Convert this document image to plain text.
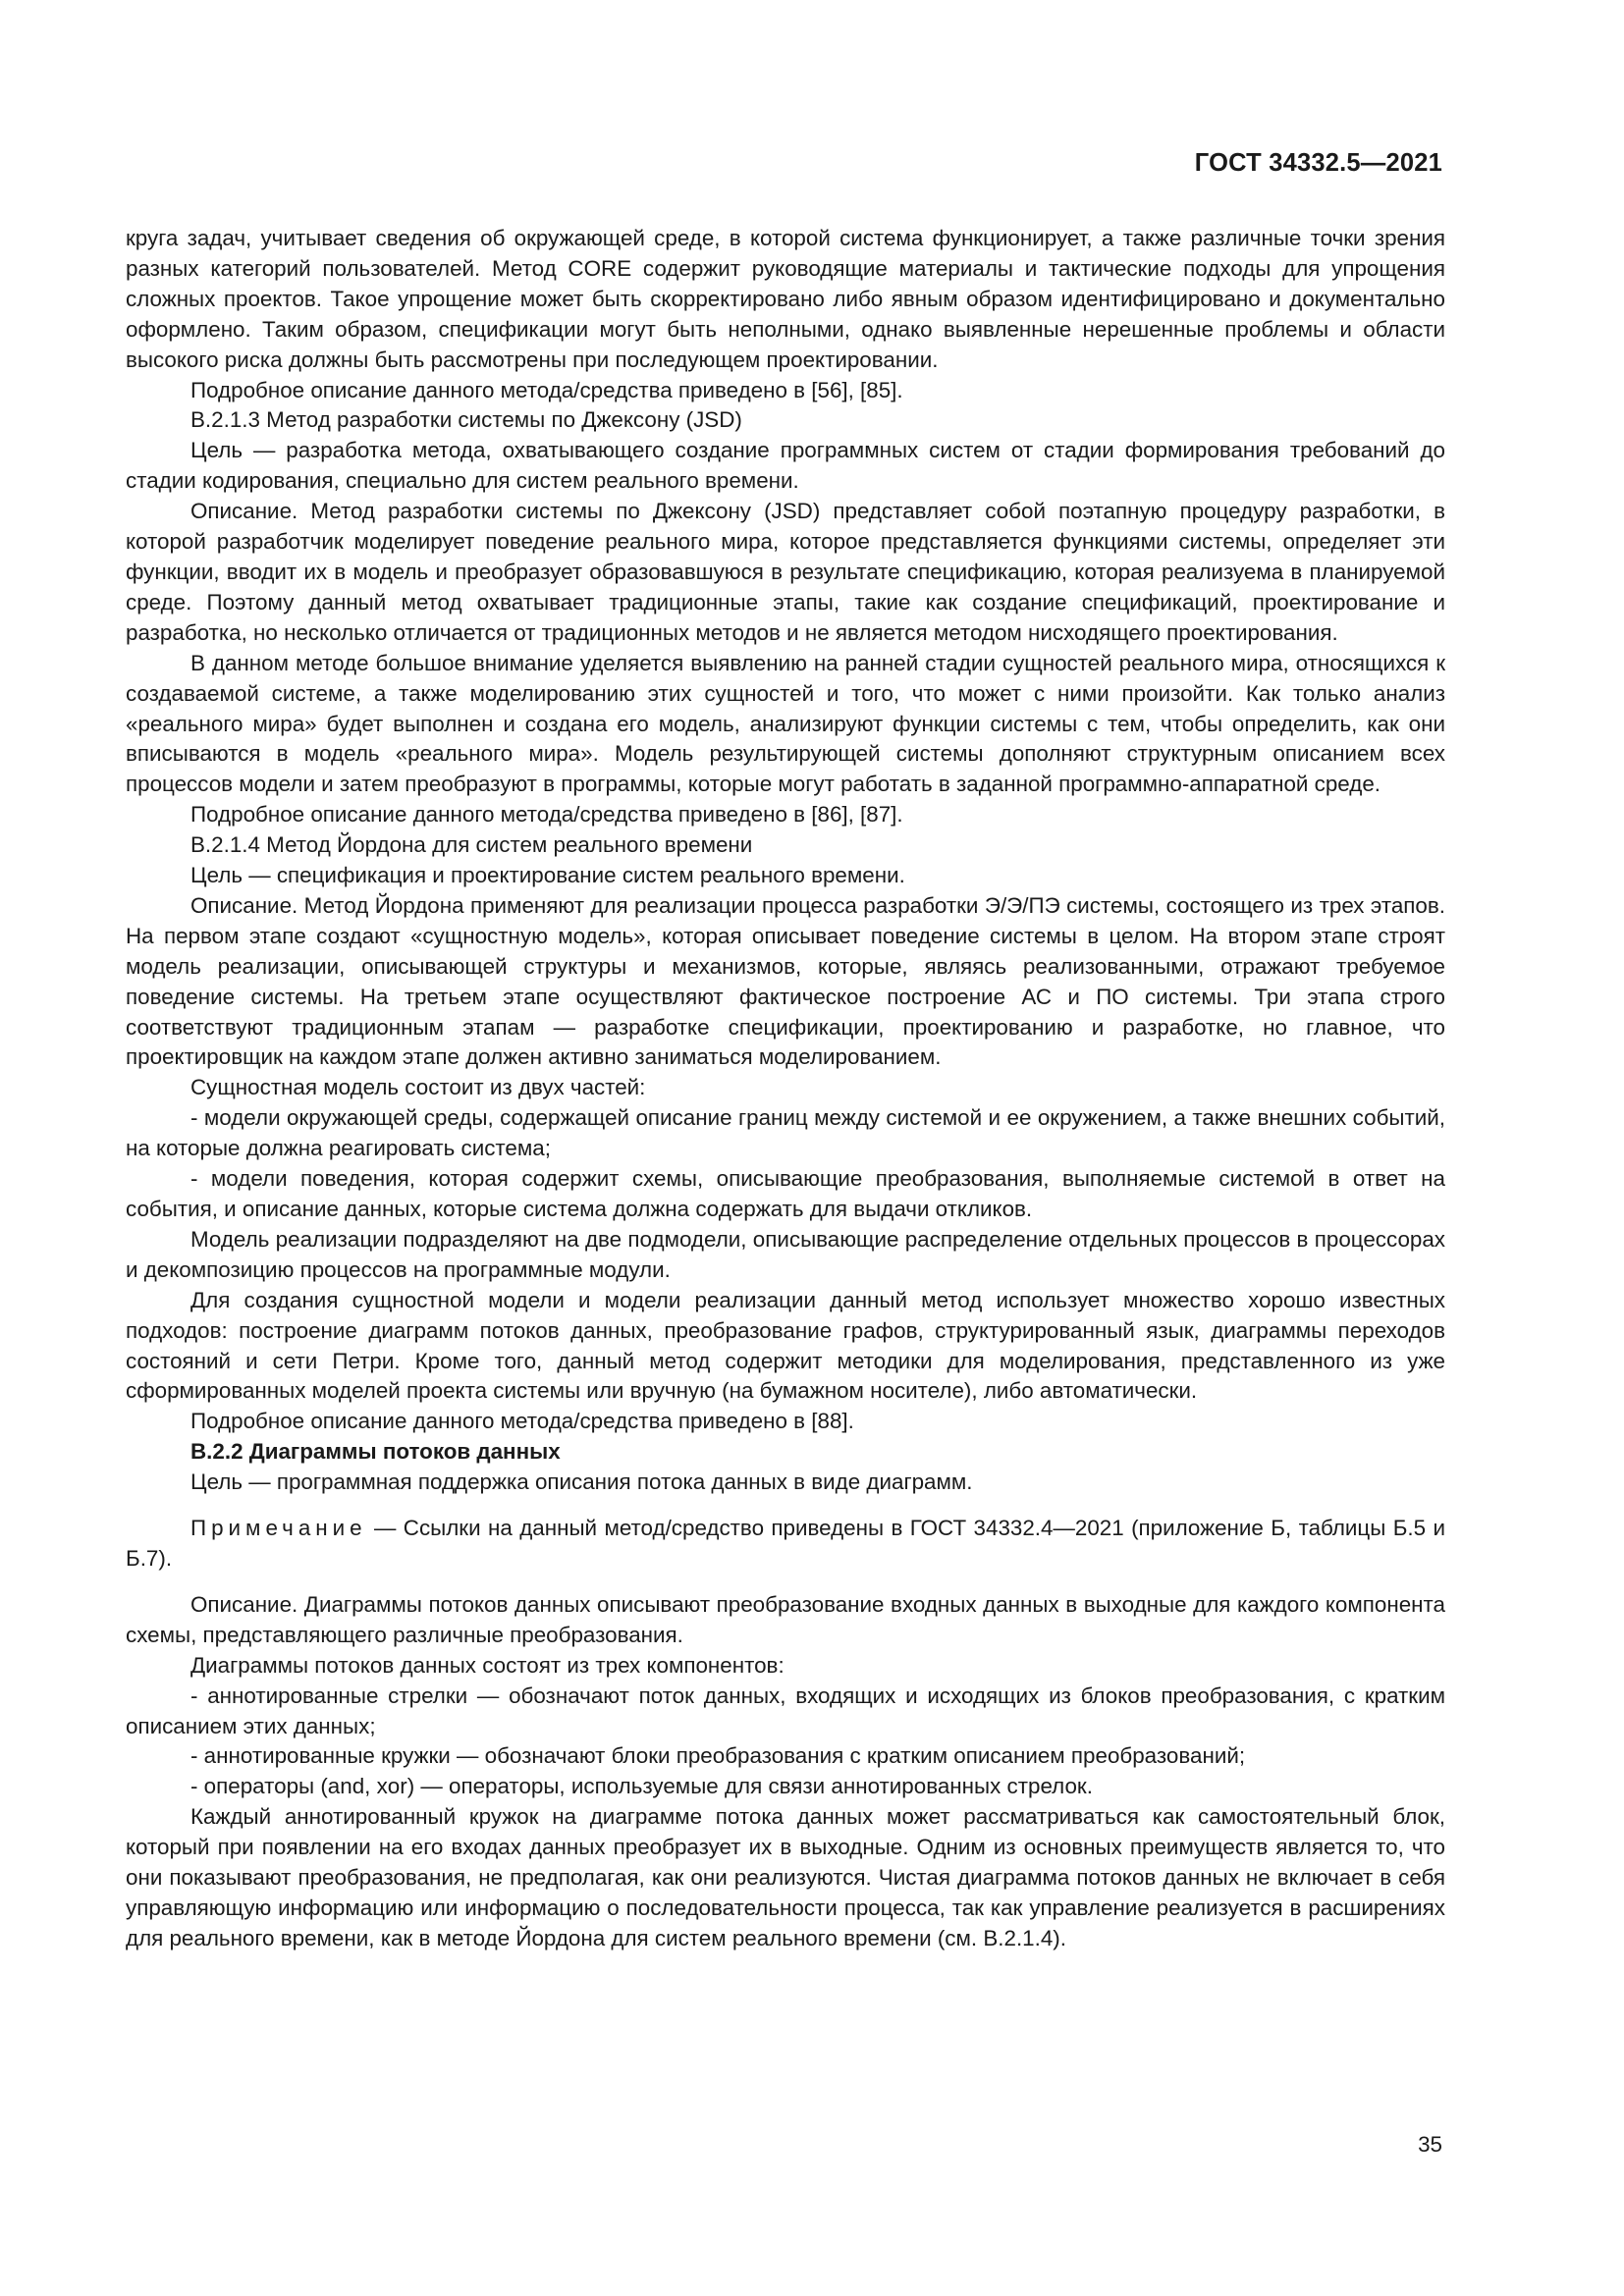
ГОСТ 34332.5—2021

круга задач, учитывает сведения об окружающей среде, в которой система функционирует, а также различные точки зрения разных категорий пользователей. Метод CORE содержит руководящие материалы и тактические подходы для упрощения сложных проектов. Такое упрощение может быть скорректировано либо явным образом идентифицировано и документально оформлено. Таким образом, спецификации могут быть неполными, однако выявленные нерешенные проблемы и области высокого риска должны быть рассмотрены при последующем проектировании.

Подробное описание данного метода/средства приведено в [56], [85].

В.2.1.3 Метод разработки системы по Джексону (JSD)

Цель — разработка метода, охватывающего создание программных систем от стадии формирования требований до стадии кодирования, специально для систем реального времени.

Описание. Метод разработки системы по Джексону (JSD) представляет собой поэтапную процедуру разработки, в которой разработчик моделирует поведение реального мира, которое представляется функциями системы, определяет эти функции, вводит их в модель и преобразует образовавшуюся в результате спецификацию, которая реализуема в планируемой среде. Поэтому данный метод охватывает традиционные этапы, такие как создание спецификаций, проектирование и разработка, но несколько отличается от традиционных методов и не является методом нисходящего проектирования.

В данном методе большое внимание уделяется выявлению на ранней стадии сущностей реального мира, относящихся к создаваемой системе, а также моделированию этих сущностей и того, что может с ними произойти. Как только анализ «реального мира» будет выполнен и создана его модель, анализируют функции системы с тем, чтобы определить, как они вписываются в модель «реального мира». Модель результирующей системы дополняют структурным описанием всех процессов модели и затем преобразуют в программы, которые могут работать в заданной программно-аппаратной среде.

Подробное описание данного метода/средства приведено в [86], [87].

В.2.1.4 Метод Йордона для систем реального времени

Цель — спецификация и проектирование систем реального времени.

Описание. Метод Йордона применяют для реализации процесса разработки Э/Э/ПЭ системы, состоящего из трех этапов. На первом этапе создают «сущностную модель», которая описывает поведение системы в целом. На втором этапе строят модель реализации, описывающей структуры и механизмов, которые, являясь реализованными, отражают требуемое поведение системы. На третьем этапе осуществляют фактическое построение АС и ПО системы. Три этапа строго соответствуют традиционным этапам — разработке спецификации, проектированию и разработке, но главное, что проектировщик на каждом этапе должен активно заниматься моделированием.

Сущностная модель состоит из двух частей:

- модели окружающей среды, содержащей описание границ между системой и ее окружением, а также внешних событий, на которые должна реагировать система;

- модели поведения, которая содержит схемы, описывающие преобразования, выполняемые системой в ответ на события, и описание данных, которые система должна содержать для выдачи откликов.

Модель реализации подразделяют на две подмодели, описывающие распределение отдельных процессов в процессорах и декомпозицию процессов на программные модули.

Для создания сущностной модели и модели реализации данный метод использует множество хорошо известных подходов: построение диаграмм потоков данных, преобразование графов, структурированный язык, диаграммы переходов состояний и сети Петри. Кроме того, данный метод содержит методики для моделирования, представленного из уже сформированных моделей проекта системы или вручную (на бумажном носителе), либо автоматически.

Подробное описание данного метода/средства приведено в [88].

В.2.2 Диаграммы потоков данных

Цель — программная поддержка описания потока данных в виде диаграмм.

Примечание — Ссылки на данный метод/средство приведены в ГОСТ 34332.4—2021 (приложение Б, таблицы Б.5 и Б.7).

Описание. Диаграммы потоков данных описывают преобразование входных данных в выходные для каждого компонента схемы, представляющего различные преобразования.

Диаграммы потоков данных состоят из трех компонентов:

- аннотированные стрелки — обозначают поток данных, входящих и исходящих из блоков преобразования, с кратким описанием этих данных;

- аннотированные кружки — обозначают блоки преобразования с кратким описанием преобразований;

- операторы (and, xor) — операторы, используемые для связи аннотированных стрелок.

Каждый аннотированный кружок на диаграмме потока данных может рассматриваться как самостоятельный блок, который при появлении на его входах данных преобразует их в выходные. Одним из основных преимуществ является то, что они показывают преобразования, не предполагая, как они реализуются. Чистая диаграмма потоков данных не включает в себя управляющую информацию или информацию о последовательности процесса, так как управление реализуется в расширениях для реального времени, как в методе Йордона для систем реального времени (см. В.2.1.4).

35
